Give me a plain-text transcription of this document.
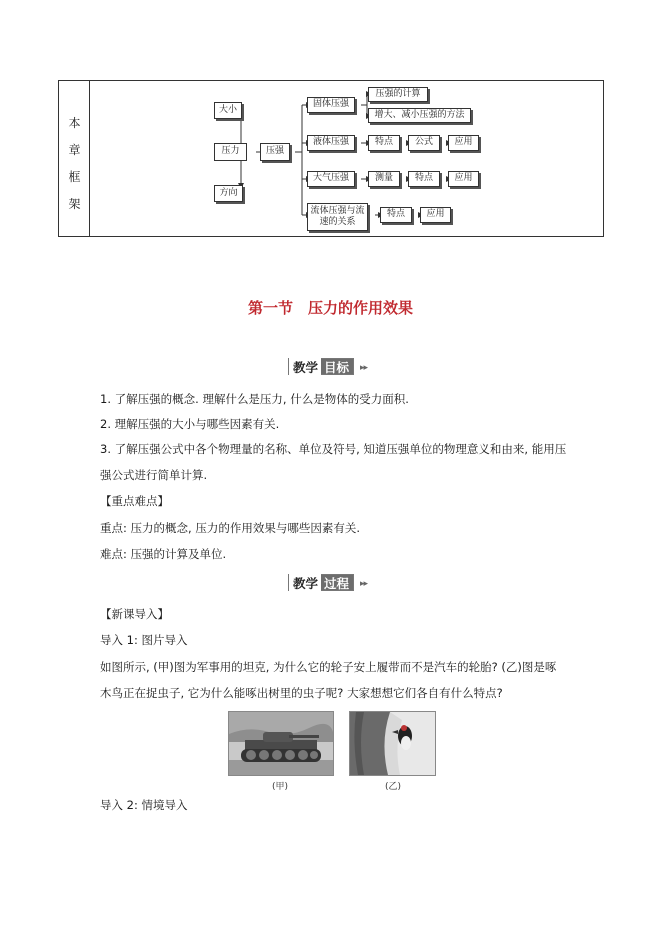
本
章
框
架
大小
压力
方向
压强
固体压强
压强的计算
增大、减小压强的方法
液体压强	特点	公式	应用
大气压强	测量	特点	应用
流体压强与流速的关系
特点	应用
第一节　压力的作用效果
教学 目标	▸▸
1. 了解压强的概念. 理解什么是压力, 什么是物体的受力面积.
2. 理解压强的大小与哪些因素有关.
3. 了解压强公式中各个物理量的名称、单位及符号, 知道压强单位的物理意义和由来, 能用压
强公式进行简单计算.
【重点难点】
重点: 压力的概念, 压力的作用效果与哪些因素有关.
难点: 压强的计算及单位.
教学 过程	▸▸
【新课导入】
导入 1: 图片导入
如图所示, (甲)图为军事用的坦克, 为什么它的轮子安上履带而不是汽车的轮胎? (乙)图是啄
木鸟正在捉虫子, 它为什么能啄出树里的虫子呢? 大家想想它们各自有什么特点?
(甲)	(乙)
导入 2: 情境导入
